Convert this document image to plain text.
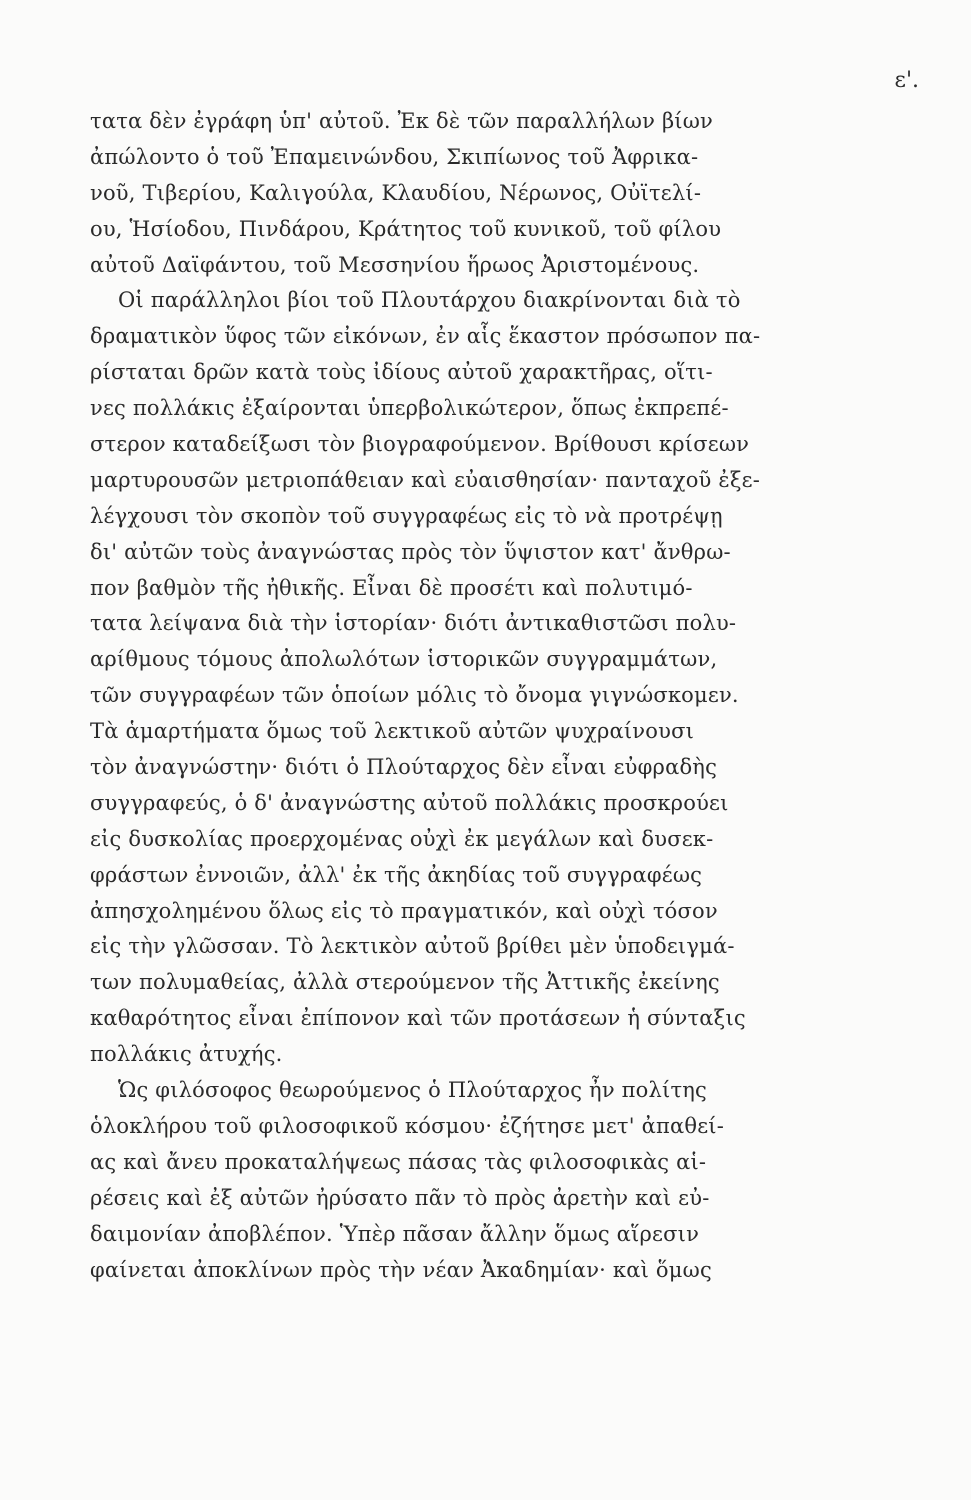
ε'.
τατα δὲν ἐγράφη ὑπ' αὐτοῦ. Ἐκ δὲ τῶν παραλλήλων βίων
ἀπώλοντο ὁ τοῦ Ἐπαμεινώνδου, Σκιπίωνος τοῦ Ἀφρικα-
νοῦ, Τιβερίου, Καλιγούλα, Κλαυδίου, Νέρωνος, Οὐϊτελί-
ου, Ἡσίοδου, Πινδάρου, Κράτητος τοῦ κυνικοῦ, τοῦ φίλου
αὐτοῦ Δαϊφάντου, τοῦ Μεσσηνίου ἥρωος Ἀριστομένους.
Οἱ παράλληλοι βίοι τοῦ Πλουτάρχου διακρίνονται διὰ τὸ
δραματικὸν ὕφος τῶν εἰκόνων, ἐν αἷς ἕκαστον πρόσωπον πα-
ρίσταται δρῶν κατὰ τοὺς ἰδίους αὐτοῦ χαρακτῆρας, οἵτι-
νες πολλάκις ἐξαίρονται ὑπερβολικώτερον, ὅπως ἐκπρεπέ-
στερον καταδείξωσι τὸν βιογραφούμενον. Βρίθουσι κρίσεων
μαρτυρουσῶν μετριοπάθειαν καὶ εὐαισθησίαν· πανταχοῦ ἐξε-
λέγχουσι τὸν σκοπὸν τοῦ συγγραφέως εἰς τὸ νὰ προτρέψῃ
δι' αὐτῶν τοὺς ἀναγνώστας πρὸς τὸν ὕψιστον κατ' ἄνθρω-
πον βαθμὸν τῆς ἠθικῆς. Εἶναι δὲ προσέτι καὶ πολυτιμό-
τατα λείψανα διὰ τὴν ἱστορίαν· διότι ἀντικαθιστῶσι πολυ-
αρίθμους τόμους ἀπολωλότων ἱστορικῶν συγγραμμάτων,
τῶν συγγραφέων τῶν ὁποίων μόλις τὸ ὄνομα γιγνώσκομεν.
Τὰ ἁμαρτήματα ὅμως τοῦ λεκτικοῦ αὐτῶν ψυχραίνουσι
τὸν ἀναγνώστην· διότι ὁ Πλούταρχος δὲν εἶναι εὐφραδὴς
συγγραφεύς, ὁ δ' ἀναγνώστης αὐτοῦ πολλάκις προσκρούει
εἰς δυσκολίας προερχομένας οὐχὶ ἐκ μεγάλων καὶ δυσεκ-
φράστων ἐννοιῶν, ἀλλ' ἐκ τῆς ἀκηδίας τοῦ συγγραφέως
ἀπησχολημένου ὅλως εἰς τὸ πραγματικόν, καὶ οὐχὶ τόσον
εἰς τὴν γλῶσσαν. Τὸ λεκτικὸν αὐτοῦ βρίθει μὲν ὑποδειγμά-
των πολυμαθείας, ἀλλὰ στερούμενον τῆς Ἀττικῆς ἐκείνης
καθαρότητος εἶναι ἐπίπονον καὶ τῶν προτάσεων ἡ σύνταξις
πολλάκις ἀτυχής.
Ὡς φιλόσοφος θεωρούμενος ὁ Πλούταρχος ἦν πολίτης
ὁλοκλήρου τοῦ φιλοσοφικοῦ κόσμου· ἐζήτησε μετ' ἀπαθεί-
ας καὶ ἄνευ προκαταλήψεως πάσας τὰς φιλοσοφικὰς αἱ-
ρέσεις καὶ ἐξ αὐτῶν ἠρύσατο πᾶν τὸ πρὸς ἀρετὴν καὶ εὐ-
δαιμονίαν ἀποβλέπον. Ὑπὲρ πᾶσαν ἄλλην ὅμως αἵρεσιν
φαίνεται ἀποκλίνων πρὸς τὴν νέαν Ἀκαδημίαν· καὶ ὅμως
